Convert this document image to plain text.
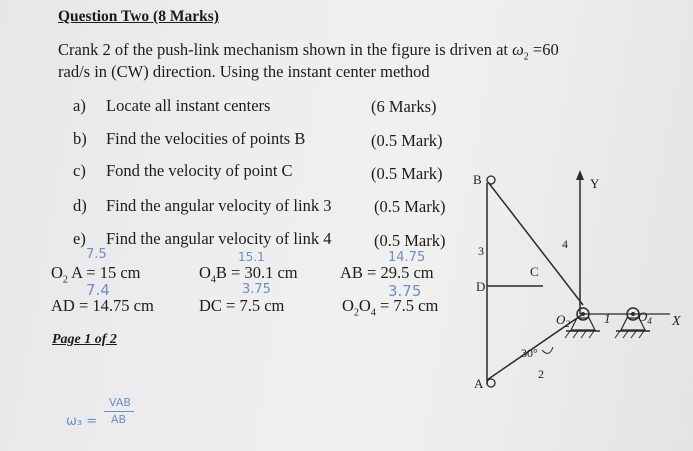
Question Two (8 Marks)
Crank 2 of the push-link mechanism shown in the figure is driven at $\omega_2 =60$
rad/s in (CW) direction. Using the instant center method
a) Locate all instant centers	(6 Marks)
b) Find the velocities of points B	(0.5 Mark)
c) Fond the velocity of point C	(0.5 Mark)
d) Find the angular velocity of link 3	(0.5 Mark)
e) Find the angular velocity of link 4	(0.5 Mark)
7.5	15.1	14.75
7.4	3.75	3.75
$O_2$ A = 15 cm	$O_4B = 30.1$ cm	AB = 29.5 cm
AD = 14.75 cm	DC = 7.5 cm	$O_2O_4 = 7.5$ cm
Page 1 of 2
ω₃ =
VAB
AB
B	Y
3	4
C
D
$O_2$	$O_4$
1	X
30°
2
A
